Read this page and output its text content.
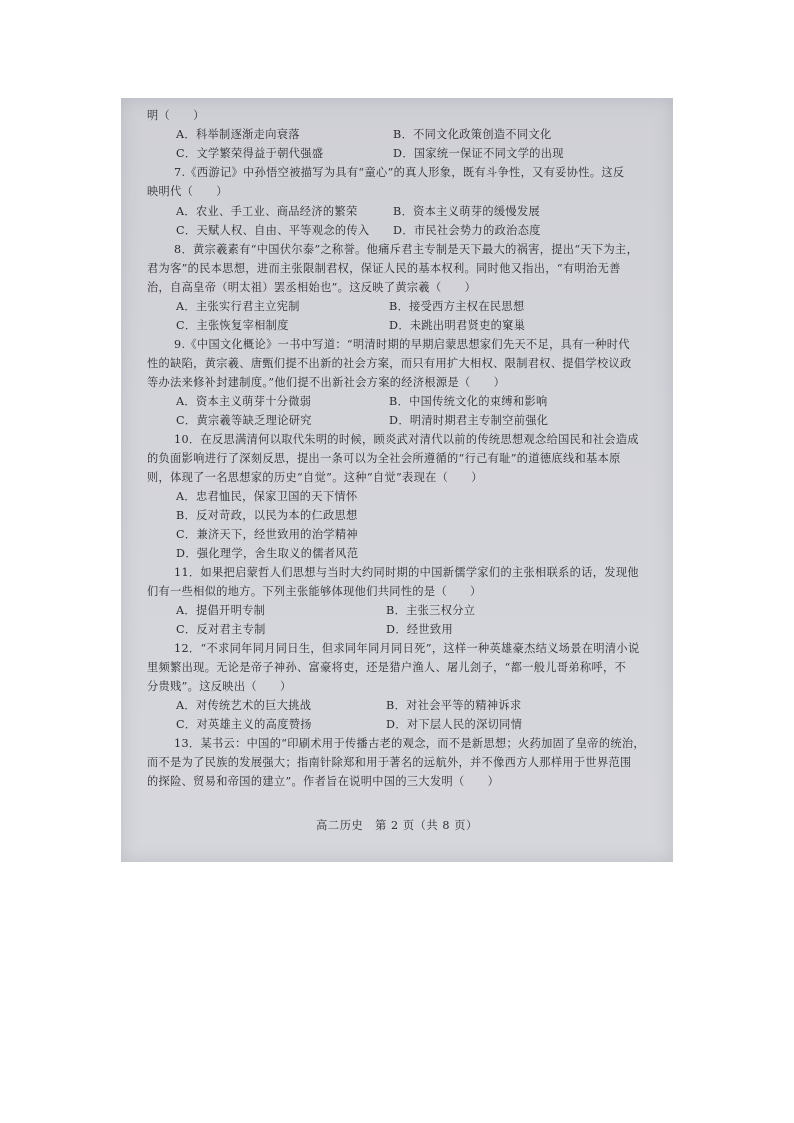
明（　　）
A．科举制逐渐走向衰落	B．不同文化政策创造不同文化
C．文学繁荣得益于朝代强盛	D．国家统一保证不同文学的出现
7.《西游记》中孙悟空被描写为具有“童心”的真人形象，既有斗争性，又有妥协性。这反
映明代（　　）
A．农业、手工业、商品经济的繁荣	B．资本主义萌芽的缓慢发展
C．天赋人权、自由、平等观念的传入 D．市民社会势力的政治态度
8．黄宗羲素有“中国伏尔泰”之称誉。他痛斥君主专制是天下最大的祸害，提出“天下为主，
君为客”的民本思想，进而主张限制君权，保证人民的基本权利。同时他又指出，“有明治无善
治，自高皇帝（明太祖）罢丞相始也”。这反映了黄宗羲（　　）
A．主张实行君主立宪制	B．接受西方主权在民思想
C．主张恢复宰相制度	D．未跳出明君贤吏的窠巢
9.《中国文化概论》一书中写道：“明清时期的早期启蒙思想家们先天不足，具有一种时代
性的缺陷，黄宗羲、唐甄们提不出新的社会方案，而只有用扩大相权、限制君权、提倡学校议政
等办法来修补封建制度。”他们提不出新社会方案的经济根源是（　　）
A．资本主义萌芽十分微弱	B．中国传统文化的束缚和影响
C．黄宗羲等缺乏理论研究	D．明清时期君主专制空前强化
10．在反思满清何以取代朱明的时候，顾炎武对清代以前的传统思想观念给国民和社会造成
的负面影响进行了深刻反思，提出一条可以为全社会所遵循的“行己有耻”的道德底线和基本原
则，体现了一名思想家的历史“自觉”。这种“自觉”表现在（　　）
A．忠君恤民，保家卫国的天下情怀
B．反对苛政，以民为本的仁政思想
C．兼济天下，经世致用的治学精神
D．强化理学，舍生取义的儒者风范
11．如果把启蒙哲人们思想与当时大约同时期的中国新儒学家们的主张相联系的话，发现他
们有一些相似的地方。下列主张能够体现他们共同性的是（　　）
A．提倡开明专制	B．主张三权分立
C．反对君主专制	D．经世致用
12．“不求同年同月同日生，但求同年同月同日死”，这样一种英雄豪杰结义场景在明清小说
里频繁出现。无论是帝子神孙、富豪将吏，还是猎户渔人、屠儿刽子，“都一般儿哥弟称呼，不
分贵贱”。这反映出（　　）
A．对传统艺术的巨大挑战	B．对社会平等的精神诉求
C．对英雄主义的高度赞扬	D．对下层人民的深切同情
13．某书云：中国的“印刷术用于传播古老的观念，而不是新思想；火药加固了皇帝的统治，
而不是为了民族的发展强大；指南针除郑和用于著名的远航外，并不像西方人那样用于世界范围
的探险、贸易和帝国的建立”。作者旨在说明中国的三大发明（　　）
高二历史　第 2 页（共 8 页）
